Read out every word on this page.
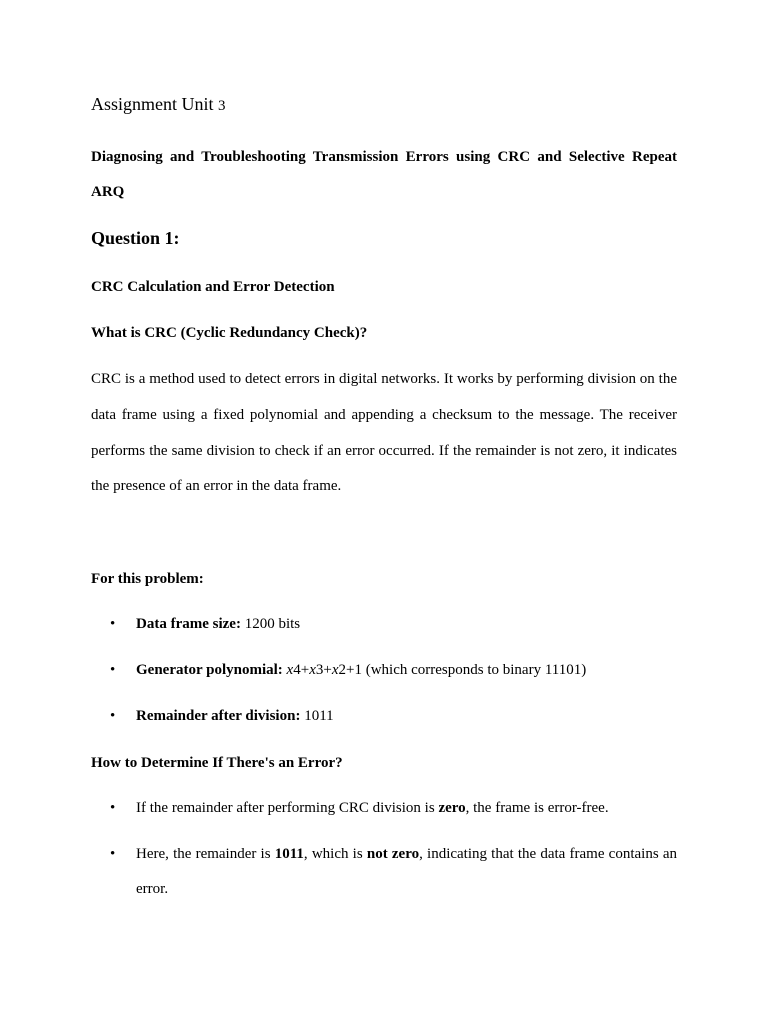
Assignment Unit 3
Diagnosing and Troubleshooting Transmission Errors using CRC and Selective Repeat ARQ
Question 1:
CRC Calculation and Error Detection
What is CRC (Cyclic Redundancy Check)?

CRC is a method used to detect errors in digital networks. It works by performing division on the data frame using a fixed polynomial and appending a checksum to the message. The receiver performs the same division to check if an error occurred. If the remainder is not zero, it indicates the presence of an error in the data frame.

For this problem:
• Data frame size: 1200 bits
• Generator polynomial: x4+x3+x2+1 (which corresponds to binary 11101)
• Remainder after division: 1011
How to Determine If There's an Error?
• If the remainder after performing CRC division is zero, the frame is error-free.
• Here, the remainder is 1011, which is not zero, indicating that the data frame contains an error.
